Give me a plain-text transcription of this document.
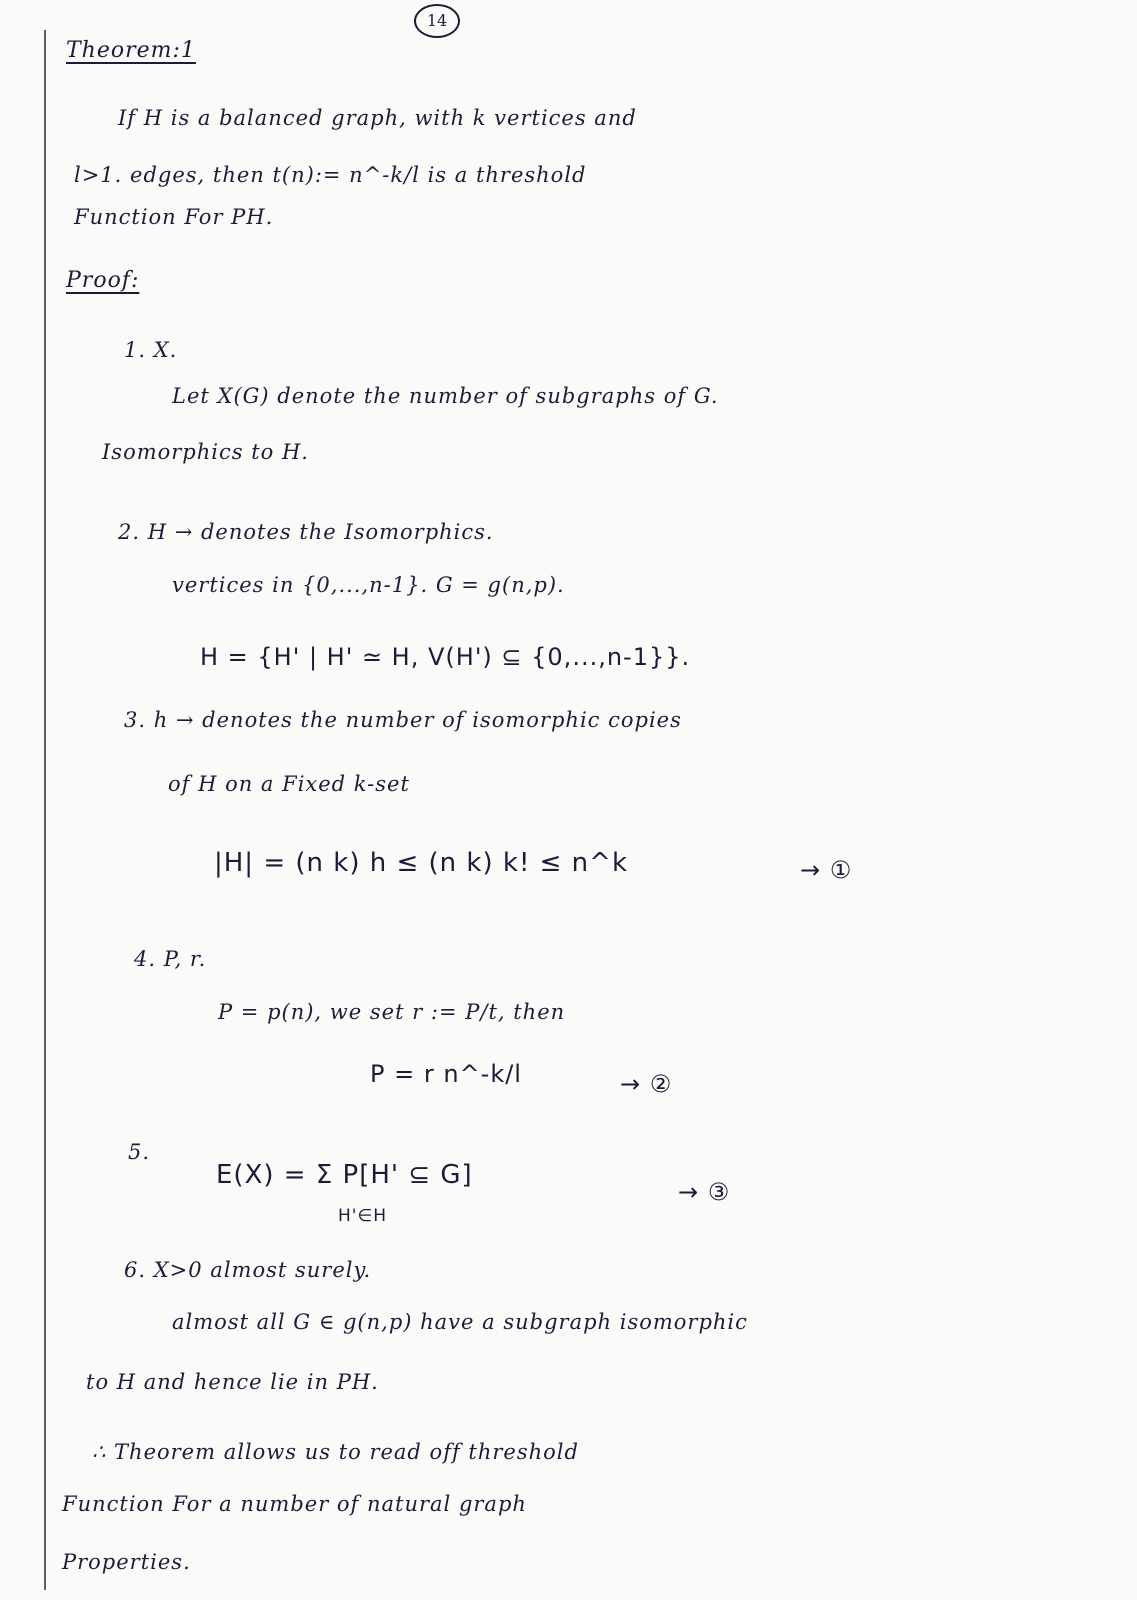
14
Theorem:1
If H is a balanced graph, with k vertices and
l>1. edges, then t(n):= n^-k/l is a threshold
Function For PH.
Proof:
1. X.
Let X(G) denote the number of subgraphs of G.
Isomorphics to H.
2. H → denotes the Isomorphics.
vertices in {0,...,n-1}. G = g(n,p).
H = {H' | H' ≃ H, V(H') ⊆ {0,...,n-1}}.
3. h → denotes the number of isomorphic copies
of H on a Fixed k-set
|H| = (n k) h ≤ (n k) k! ≤ n^k	→ ①
4. P, r.
P = p(n), we set r := P/t, then
P = r n^-k/l	→ ②
5.
E(X) = Σ P[H' ⊆ G]
H'∈H
→ ③
6. X>0 almost surely.
almost all G ∈ g(n,p) have a subgraph isomorphic
to H and hence lie in PH.
∴ Theorem allows us to read off threshold
Function For a number of natural graph
Properties.
